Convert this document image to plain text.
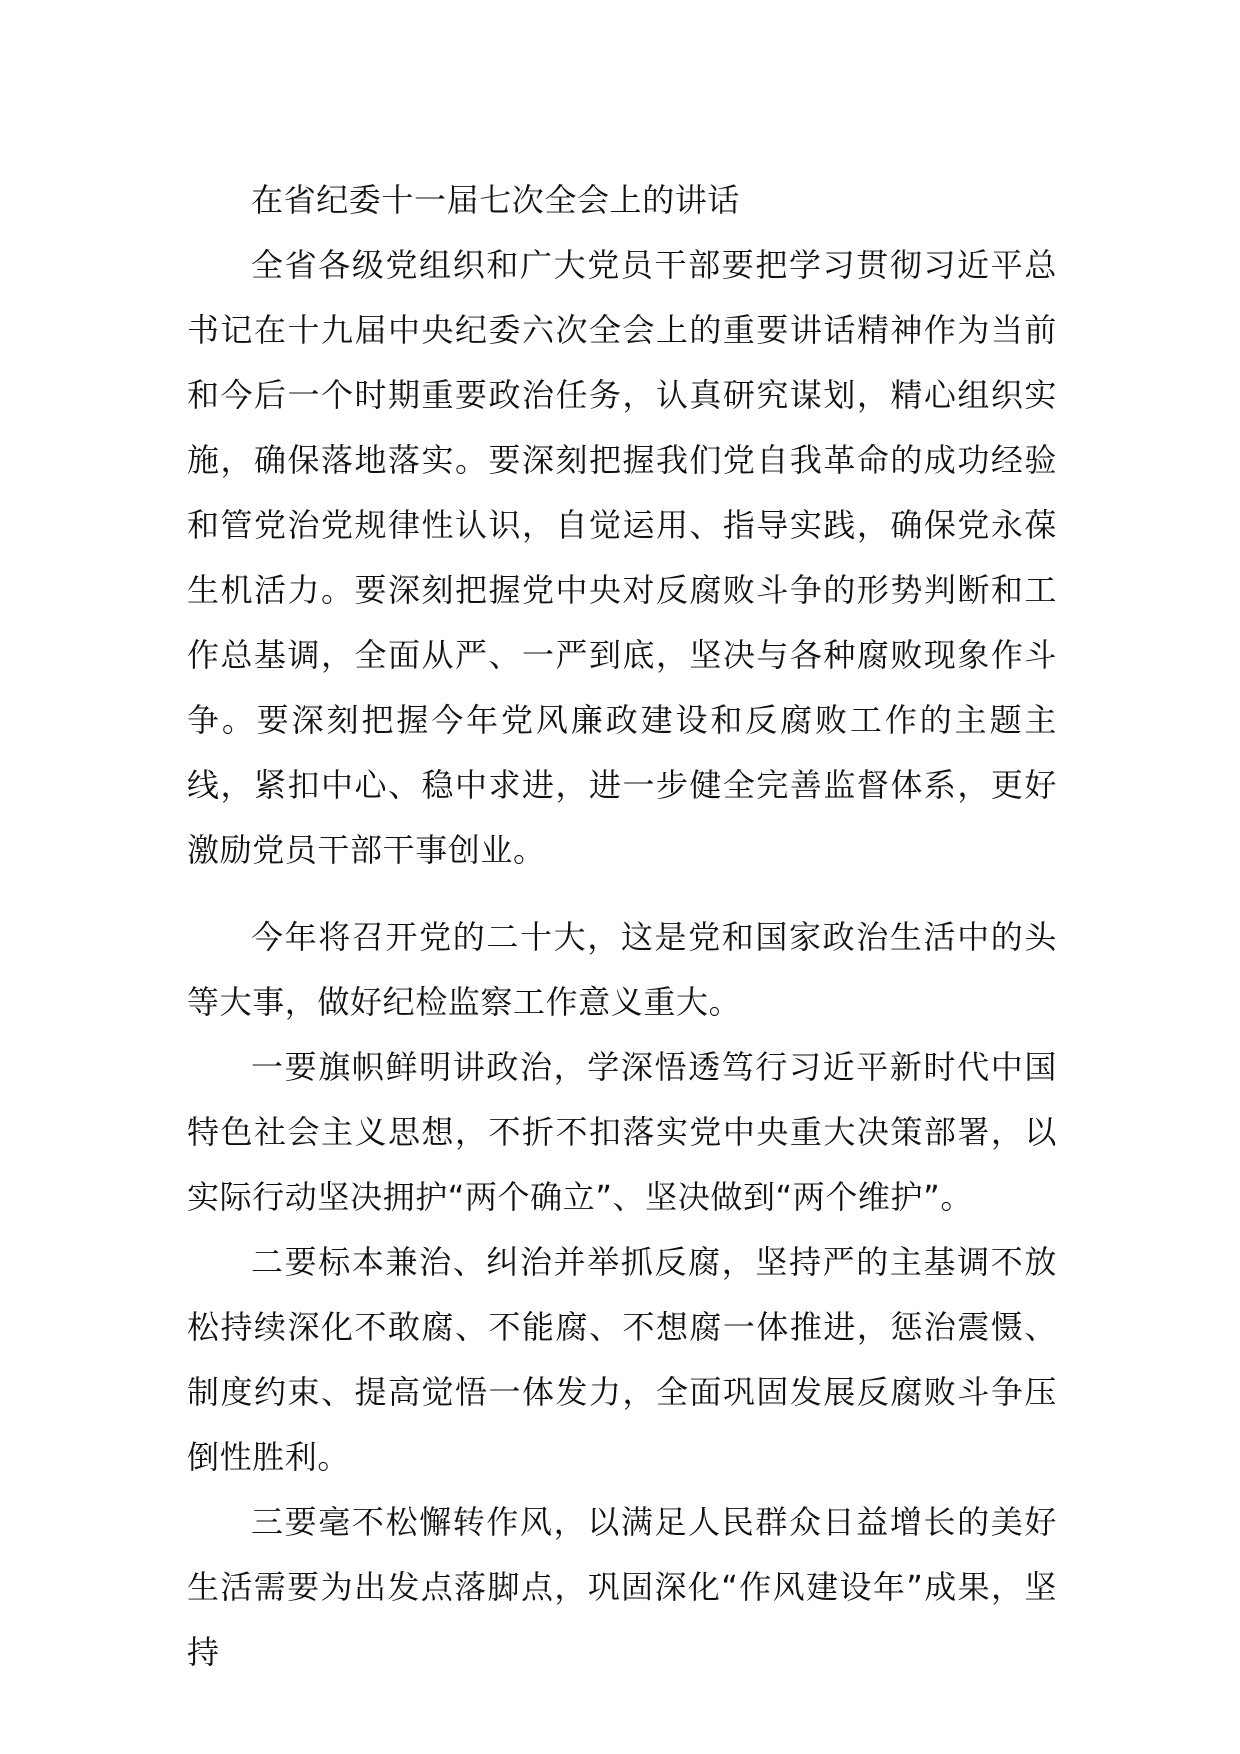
在省纪委十一届七次全会上的讲话

全省各级党组织和广大党员干部要把学习贯彻习近平总书记在十九届中央纪委六次全会上的重要讲话精神作为当前和今后一个时期重要政治任务，认真研究谋划，精心组织实施，确保落地落实。要深刻把握我们党自我革命的成功经验和管党治党规律性认识，自觉运用、指导实践，确保党永葆生机活力。要深刻把握党中央对反腐败斗争的形势判断和工作总基调，全面从严、一严到底，坚决与各种腐败现象作斗争。要深刻把握今年党风廉政建设和反腐败工作的主题主线，紧扣中心、稳中求进，进一步健全完善监督体系，更好激励党员干部干事创业。

今年将召开党的二十大，这是党和国家政治生活中的头等大事，做好纪检监察工作意义重大。

一要旗帜鲜明讲政治，学深悟透笃行习近平新时代中国特色社会主义思想，不折不扣落实党中央重大决策部署，以实际行动坚决拥护“两个确立”、坚决做到“两个维护”。

二要标本兼治、纠治并举抓反腐，坚持严的主基调不放松持续深化不敢腐、不能腐、不想腐一体推进，惩治震慑、制度约束、提高觉悟一体发力，全面巩固发展反腐败斗争压倒性胜利。

三要毫不松懈转作风，以满足人民群众日益增长的美好生活需要为出发点落脚点，巩固深化“作风建设年”成果，坚持
